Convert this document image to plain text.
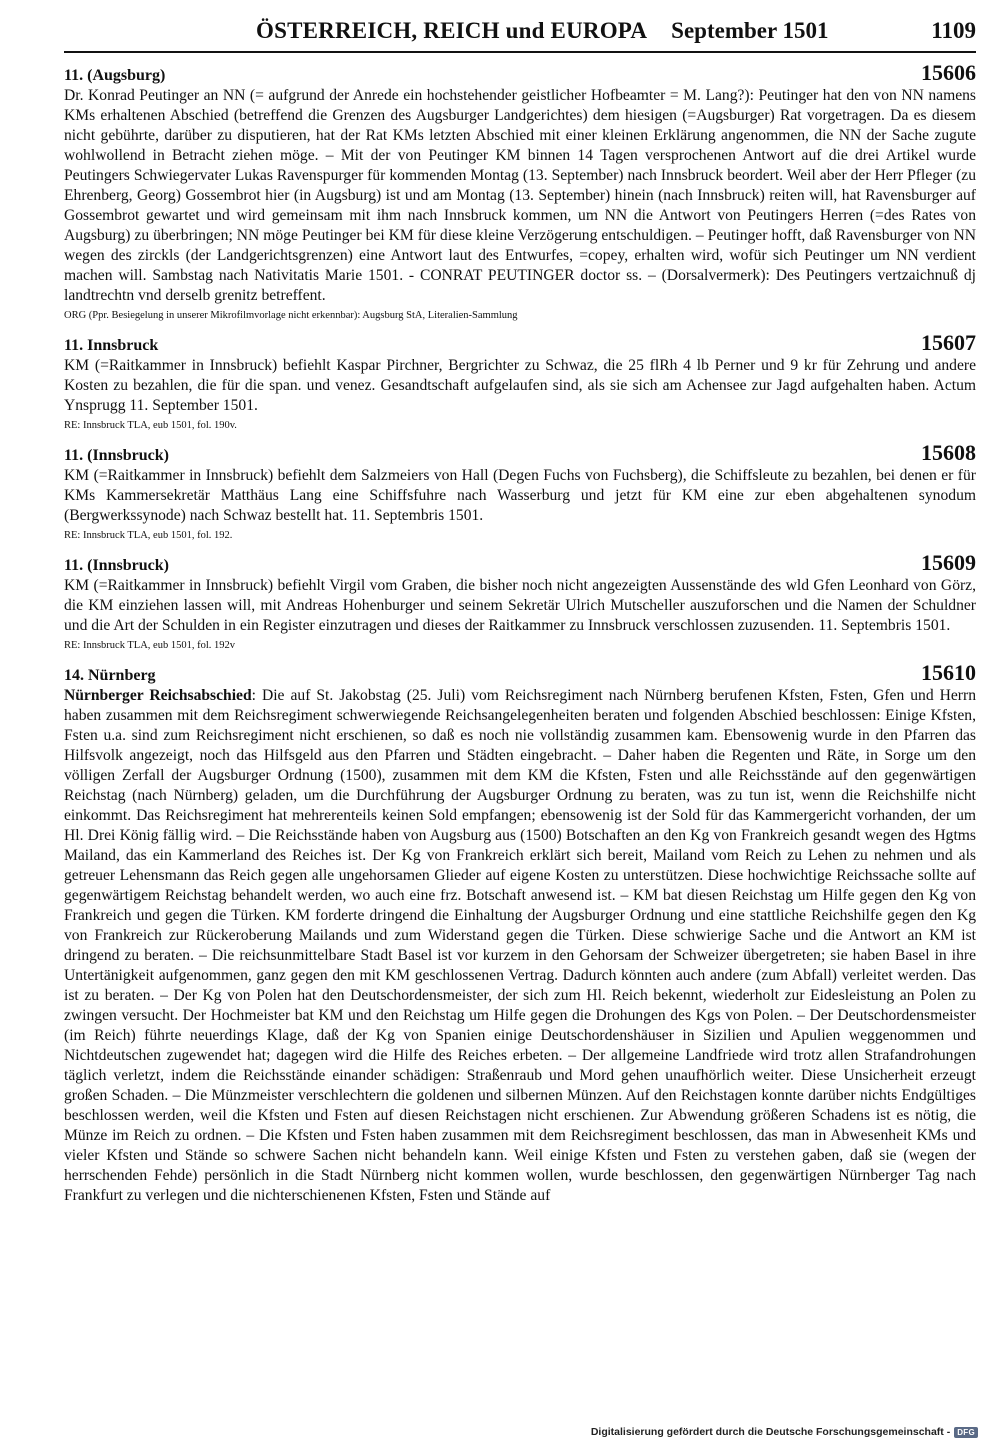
ÖSTERREICH, REICH und EUROPA September 1501	1109
11. (Augsburg)	15606

Dr. Konrad Peutinger an NN (= aufgrund der Anrede ein hochstehender geistlicher Hofbeamter = M. Lang?): Peutinger hat den von NN namens KMs erhaltenen Abschied (betreffend die Grenzen des Augsburger Landgerichtes) dem hiesigen (=Augsburger) Rat vorgetragen. Da es diesem nicht gebührte, darüber zu disputieren, hat der Rat KMs letzten Abschied mit einer kleinen Erklärung angenommen, die NN der Sache zugute wohlwollend in Betracht ziehen möge. – Mit der von Peutinger KM binnen 14 Tagen versprochenen Antwort auf die drei Artikel wurde Peutingers Schwiegervater Lukas Ravenspurger für kommenden Montag (13. September) nach Innsbruck beordert. Weil aber der Herr Pfleger (zu Ehrenberg, Georg) Gossembrot hier (in Augsburg) ist und am Montag (13. September) hinein (nach Innsbruck) reiten will, hat Ravensburger auf Gossembrot gewartet und wird gemeinsam mit ihm nach Innsbruck kommen, um NN die Antwort von Peutingers Herren (=des Rates von Augsburg) zu überbringen; NN möge Peutinger bei KM für diese kleine Verzögerung entschuldigen. – Peutinger hofft, daß Ravensburger von NN wegen des zirckls (der Landgerichtsgrenzen) eine Antwort laut des Entwurfes, =copey, erhalten wird, wofür sich Peutinger um NN verdient machen will. Sambstag nach Nativitatis Marie 1501. - CONRAT PEUTINGER doctor ss. – (Dorsalvermerk): Des Peutingers vertzaichnuß dj landtrechtn vnd derselb grenitz betreffent.

ORG (Ppr. Besiegelung in unserer Mikrofilmvorlage nicht erkennbar): Augsburg StA, Literalien-Sammlung
11. Innsbruck	15607

KM (=Raitkammer in Innsbruck) befiehlt Kaspar Pirchner, Bergrichter zu Schwaz, die 25 flRh 4 lb Perner und 9 kr für Zehrung und andere Kosten zu bezahlen, die für die span. und venez. Gesandtschaft aufgelaufen sind, als sie sich am Achensee zur Jagd aufgehalten haben. Actum Ynsprugg 11. September 1501.

RE: Innsbruck TLA, eub 1501, fol. 190v.
11. (Innsbruck)	15608

KM (=Raitkammer in Innsbruck) befiehlt dem Salzmeiers von Hall (Degen Fuchs von Fuchsberg), die Schiffsleute zu bezahlen, bei denen er für KMs Kammersekretär Matthäus Lang eine Schiffsfuhre nach Wasserburg und jetzt für KM eine zur eben abgehaltenen synodum (Bergwerkssynode) nach Schwaz bestellt hat. 11. Septembris 1501.

RE: Innsbruck TLA, eub 1501, fol. 192.
11. (Innsbruck)	15609

KM (=Raitkammer in Innsbruck) befiehlt Virgil vom Graben, die bisher noch nicht angezeigten Aussenstände des wld Gfen Leonhard von Görz, die KM einziehen lassen will, mit Andreas Hohenburger und seinem Sekretär Ulrich Mutscheller auszuforschen und die Namen der Schuldner und die Art der Schulden in ein Register einzutragen und dieses der Raitkammer zu Innsbruck verschlossen zuzusenden. 11. Septembris 1501.

RE: Innsbruck TLA, eub 1501, fol. 192v
14. Nürnberg	15610

Nürnberger Reichsabschied: Die auf St. Jakobstag (25. Juli) vom Reichsregiment nach Nürnberg berufenen Kfsten, Fsten, Gfen und Herrn haben zusammen mit dem Reichsregiment schwerwiegende Reichsangelegenheiten beraten und folgenden Abschied beschlossen: Einige Kfsten, Fsten u.a. sind zum Reichsregiment nicht erschienen, so daß es noch nie vollständig zusammen kam. Ebensowenig wurde in den Pfarren das Hilfsvolk angezeigt, noch das Hilfsgeld aus den Pfarren und Städten eingebracht. – Daher haben die Regenten und Räte, in Sorge um den völligen Zerfall der Augsburger Ordnung (1500), zusammen mit dem KM die Kfsten, Fsten und alle Reichsstände auf den gegenwärtigen Reichstag (nach Nürnberg) geladen, um die Durchführung der Augsburger Ordnung zu beraten, was zu tun ist, wenn die Reichshilfe nicht einkommt. Das Reichsregiment hat mehrerenteils keinen Sold empfangen; ebensowenig ist der Sold für das Kammergericht vorhanden, der um Hl. Drei König fällig wird. – Die Reichsstände haben von Augsburg aus (1500) Botschaften an den Kg von Frankreich gesandt wegen des Hgtms Mailand, das ein Kammerland des Reiches ist. Der Kg von Frankreich erklärt sich bereit, Mailand vom Reich zu Lehen zu nehmen und als getreuer Lehensmann das Reich gegen alle ungehorsamen Glieder auf eigene Kosten zu unterstützen. Diese hochwichtige Reichssache sollte auf gegenwärtigem Reichstag behandelt werden, wo auch eine frz. Botschaft anwesend ist. – KM bat diesen Reichstag um Hilfe gegen den Kg von Frankreich und gegen die Türken. KM forderte dringend die Einhaltung der Augsburger Ordnung und eine stattliche Reichshilfe gegen den Kg von Frankreich zur Rückeroberung Mailands und zum Widerstand gegen die Türken. Diese schwierige Sache und die Antwort an KM ist dringend zu beraten. – Die reichsunmittelbare Stadt Basel ist vor kurzem in den Gehorsam der Schweizer übergetreten; sie haben Basel in ihre Untertänigkeit aufgenommen, ganz gegen den mit KM geschlossenen Vertrag. Dadurch könnten auch andere (zum Abfall) verleitet werden. Das ist zu beraten. – Der Kg von Polen hat den Deutschordensmeister, der sich zum Hl. Reich bekennt, wiederholt zur Eidesleistung an Polen zu zwingen versucht. Der Hochmeister bat KM und den Reichstag um Hilfe gegen die Drohungen des Kgs von Polen. – Der Deutschordensmeister (im Reich) führte neuerdings Klage, daß der Kg von Spanien einige Deutschordenshäuser in Sizilien und Apulien weggenommen und Nichtdeutschen zugewendet hat; dagegen wird die Hilfe des Reiches erbeten. – Der allgemeine Landfriede wird trotz allen Strafandrohungen täglich verletzt, indem die Reichsstände einander schädigen: Straßenraub und Mord gehen unaufhörlich weiter. Diese Unsicherheit erzeugt großen Schaden. – Die Münzmeister verschlechtern die goldenen und silbernen Münzen. Auf den Reichstagen konnte darüber nichts Endgültiges beschlossen werden, weil die Kfsten und Fsten auf diesen Reichstagen nicht erschienen. Zur Abwendung größeren Schadens ist es nötig, die Münze im Reich zu ordnen. – Die Kfsten und Fsten haben zusammen mit dem Reichsregiment beschlossen, das man in Abwesenheit KMs und vieler Kfsten und Stände so schwere Sachen nicht behandeln kann. Weil einige Kfsten und Fsten zu verstehen gaben, daß sie (wegen der herrschenden Fehde) persönlich in die Stadt Nürnberg nicht kommen wollen, wurde beschlossen, den gegenwärtigen Nürnberger Tag nach Frankfurt zu verlegen und die nichterschienenen Kfsten, Fsten und Stände auf

Digitalisierung gefördert durch die Deutsche Forschungsgemeinschaft - DFG
